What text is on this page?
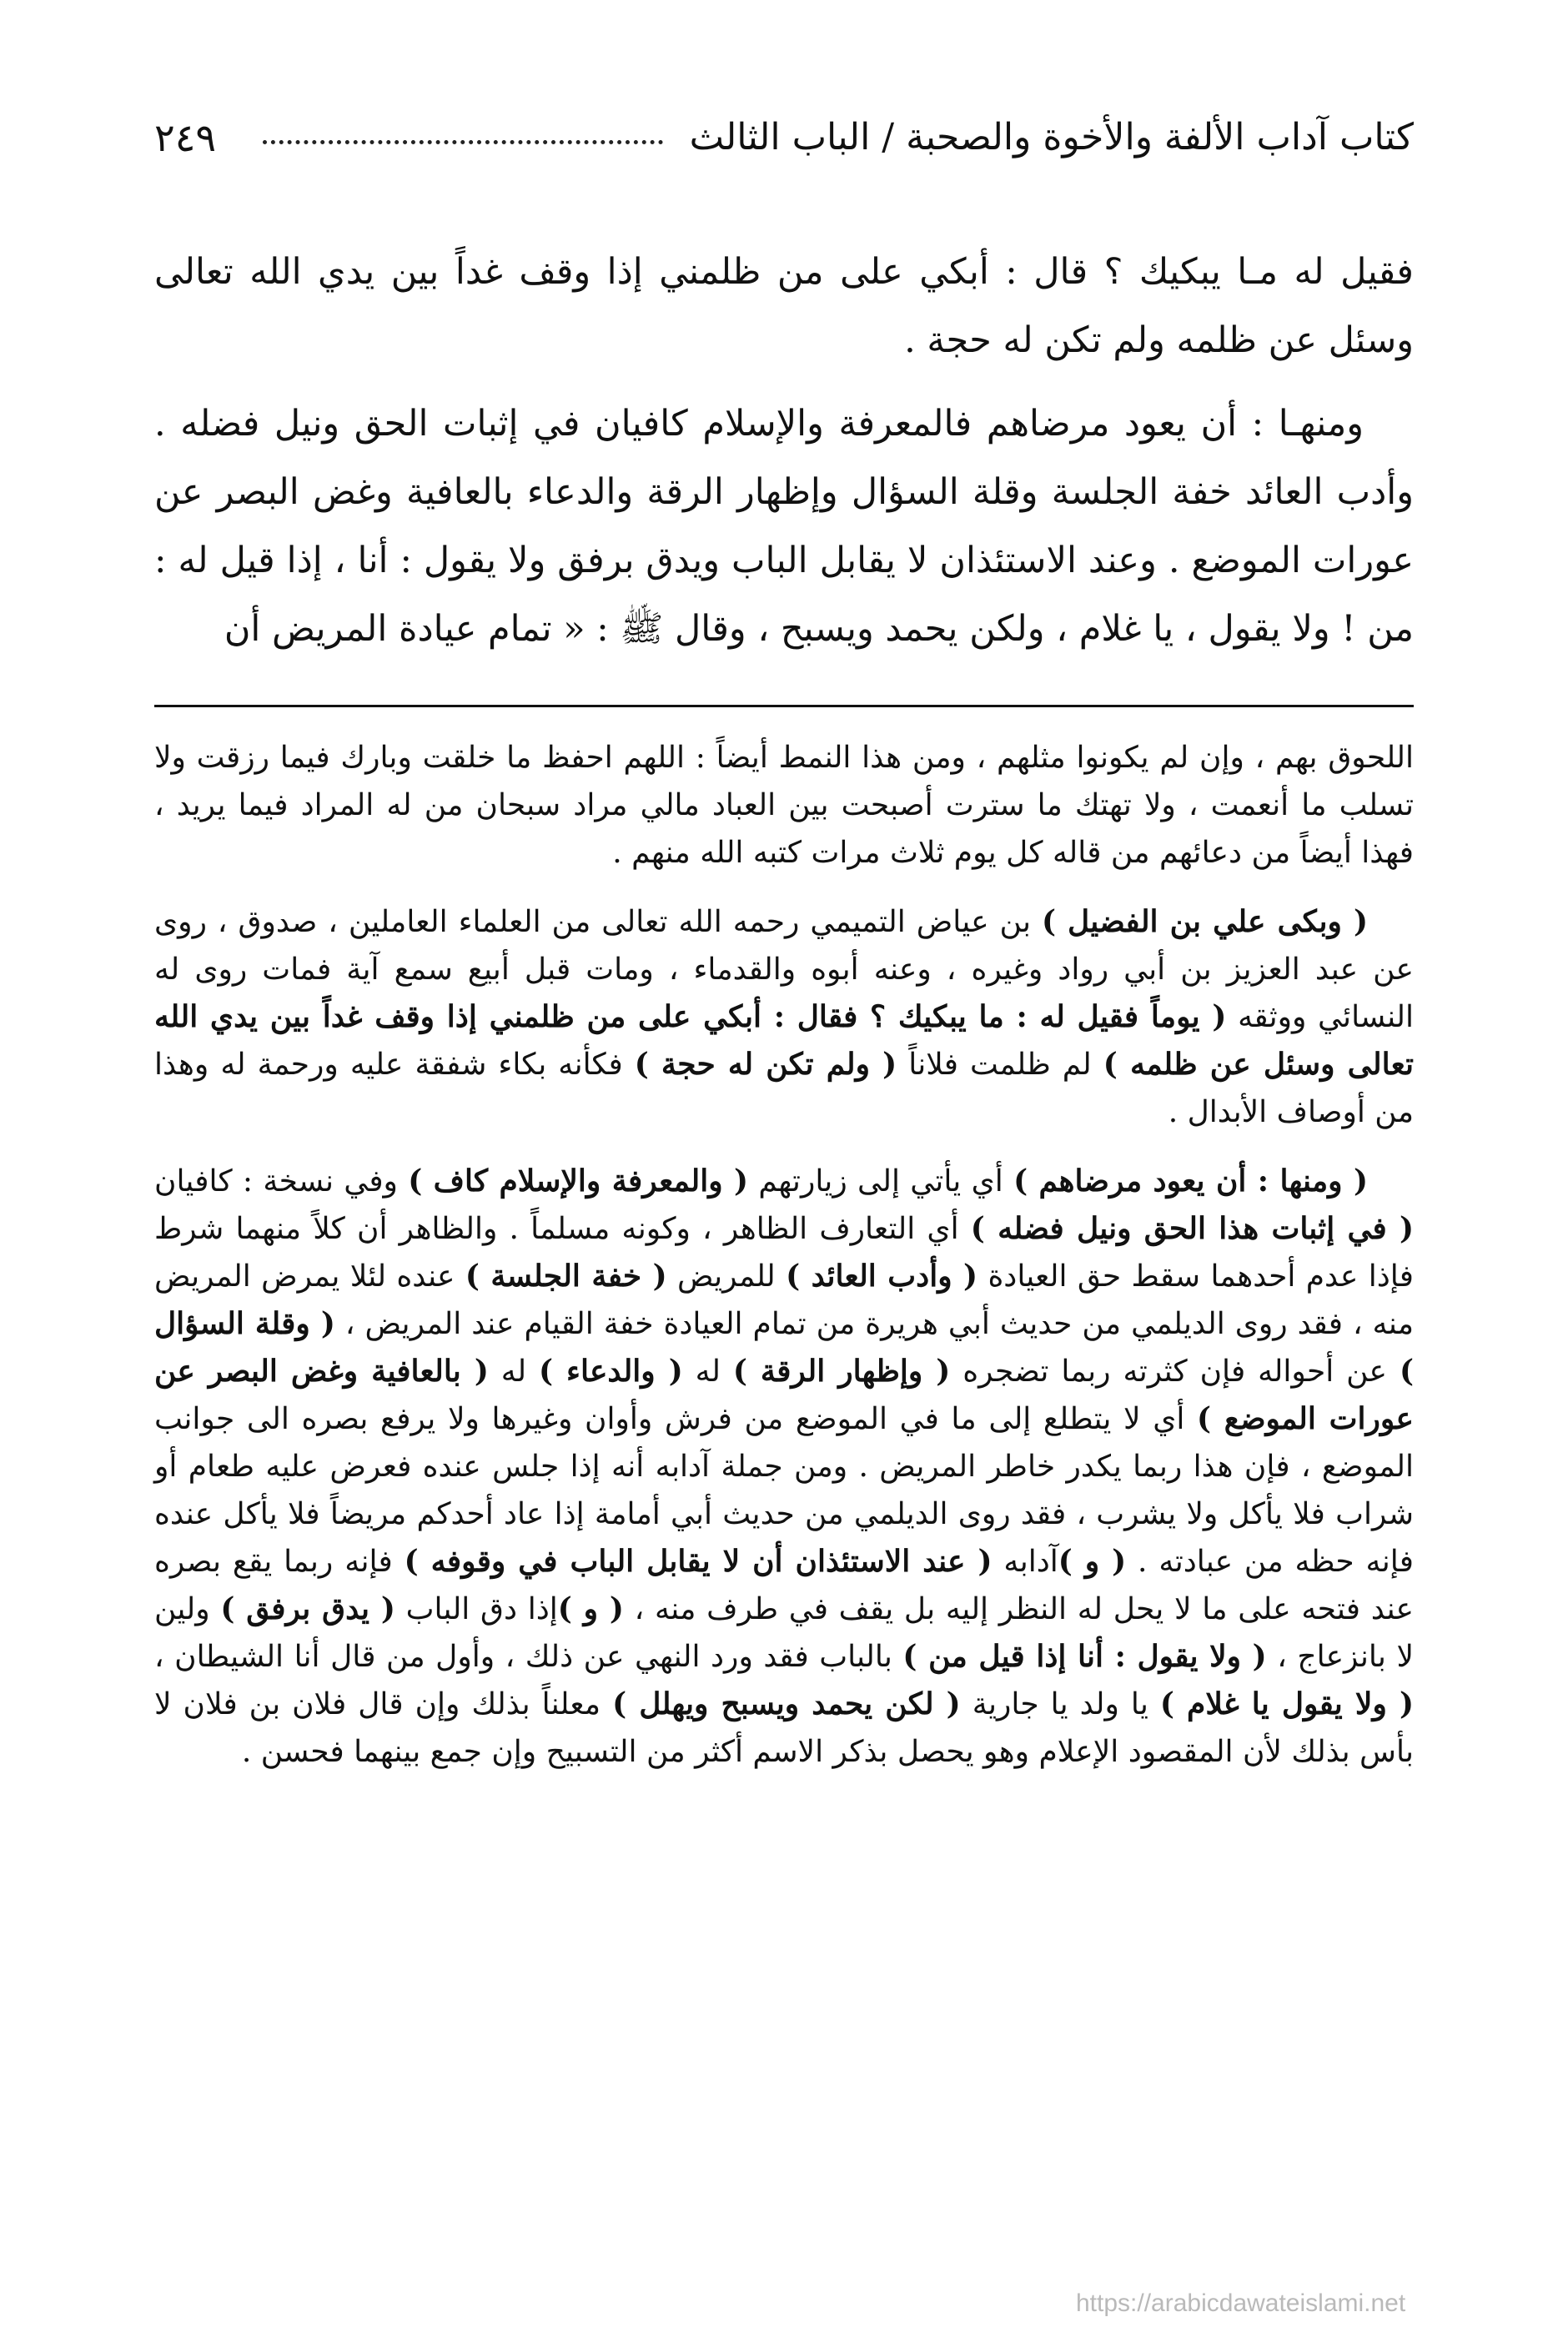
كتاب آداب الألفة والأخوة والصحبة / الباب الثالث
٢٤٩

فقيل له مـا يبكيك ؟ قال : أبكي على من ظلمني إذا وقف غداً بين يدي الله تعالى وسئل عن ظلمه ولم تكن له حجة .

ومنهـا : أن يعود مرضاهم فالمعرفة والإسلام كافيان في إثبات الحق ونيل فضله . وأدب العائد خفة الجلسة وقلة السؤال وإظهار الرقة والدعاء بالعافية وغض البصر عن عورات الموضع . وعند الاستئذان لا يقابل الباب ويدق برفق ولا يقول : أنا ، إذا قيل له : من ! ولا يقول ، يا غلام ، ولكن يحمد ويسبح ، وقال ﷺ : « تمام عيادة المريض أن

اللحوق بهم ، وإن لم يكونوا مثلهم ، ومن هذا النمط أيضاً : اللهم احفظ ما خلقت وبارك فيما رزقت ولا تسلب ما أنعمت ، ولا تهتك ما سترت أصبحت بين العباد مالي مراد سبحان من له المراد فيما يريد ، فهذا أيضاً من دعائهم من قاله كل يوم ثلاث مرات كتبه الله منهم .

( وبكى علي بن الفضيل ) بن عياض التميمي رحمه الله تعالى من العلماء العاملين ، صدوق ، روى عن عبد العزيز بن أبي رواد وغيره ، وعنه أبوه والقدماء ، ومات قبل أبيع سمع آية فمات روى له النسائي ووثقه ( يوماً فقيل له : ما يبكيك ؟ فقال : أبكي على من ظلمني إذا وقف غداً بين يدي الله تعالى وسئل عن ظلمه ) لم ظلمت فلاناً ( ولم تكن له حجة ) فكأنه بكاء شفقة عليه ورحمة له وهذا من أوصاف الأبدال .

( ومنها : أن يعود مرضاهم ) أي يأتي إلى زيارتهم ( والمعرفة والإسلام كاف ) وفي نسخة : كافيان ( في إثبات هذا الحق ونيل فضله ) أي التعارف الظاهر ، وكونه مسلماً . والظاهر أن كلاً منهما شرط فإذا عدم أحدهما سقط حق العيادة ( وأدب العائد ) للمريض ( خفة الجلسة ) عنده لئلا يمرض المريض منه ، فقد روى الديلمي من حديث أبي هريرة من تمام العيادة خفة القيام عند المريض ، ( وقلة السؤال ) عن أحواله فإن كثرته ربما تضجره ( وإظهار الرقة ) له ( والدعاء ) له ( بالعافية وغض البصر عن عورات الموضع ) أي لا يتطلع إلى ما في الموضع من فرش وأوان وغيرها ولا يرفع بصره الى جوانب الموضع ، فإن هذا ربما يكدر خاطر المريض . ومن جملة آدابه أنه إذا جلس عنده فعرض عليه طعام أو شراب فلا يأكل ولا يشرب ، فقد روى الديلمي من حديث أبي أمامة إذا عاد أحدكم مريضاً فلا يأكل عنده فإنه حظه من عبادته . ( و )آدابه ( عند الاستئذان أن لا يقابل الباب في وقوفه ) فإنه ربما يقع بصره عند فتحه على ما لا يحل له النظر إليه بل يقف في طرف منه ، ( و )إذا دق الباب ( يدق برفق ) ولين لا بانزعاج ، ( ولا يقول : أنا إذا قيل من ) بالباب فقد ورد النهي عن ذلك ، وأول من قال أنا الشيطان ، ( ولا يقول يا غلام ) يا ولد يا جارية ( لكن يحمد ويسبح ويهلل ) معلناً بذلك وإن قال فلان بن فلان لا بأس بذلك لأن المقصود الإعلام وهو يحصل بذكر الاسم أكثر من التسبيح وإن جمع بينهما فحسن .

https://arabicdawateislami.net
